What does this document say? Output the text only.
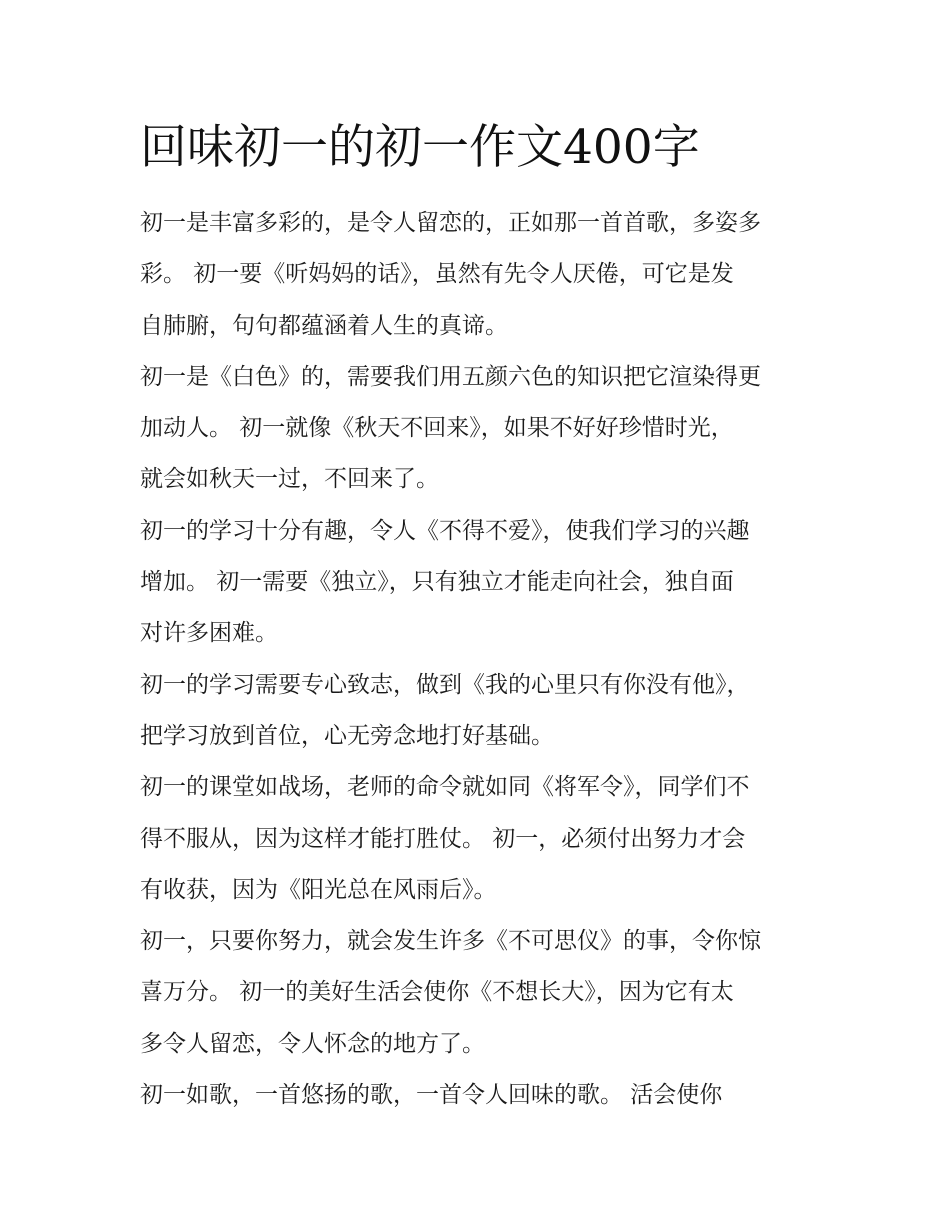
回味初一的初一作文400字
初一是丰富多彩的，是令人留恋的，正如那一首首歌，多姿多
彩。 初一要《听妈妈的话》，虽然有先令人厌倦，可它是发
自肺腑，句句都蕴涵着人生的真谛。
初一是《白色》的，需要我们用五颜六色的知识把它渲染得更
加动人。 初一就像《秋天不回来》，如果不好好珍惜时光，
就会如秋天一过，不回来了。
初一的学习十分有趣，令人《不得不爱》，使我们学习的兴趣
增加。 初一需要《独立》，只有独立才能走向社会，独自面
对许多困难。
初一的学习需要专心致志，做到《我的心里只有你没有他》，
把学习放到首位，心无旁念地打好基础。
初一的课堂如战场，老师的命令就如同《将军令》，同学们不
得不服从，因为这样才能打胜仗。 初一，必须付出努力才会
有收获，因为《阳光总在风雨后》。
初一，只要你努力，就会发生许多《不可思仪》的事，令你惊
喜万分。 初一的美好生活会使你《不想长大》，因为它有太
多令人留恋，令人怀念的地方了。
初一如歌，一首悠扬的歌，一首令人回味的歌。 活会使你
